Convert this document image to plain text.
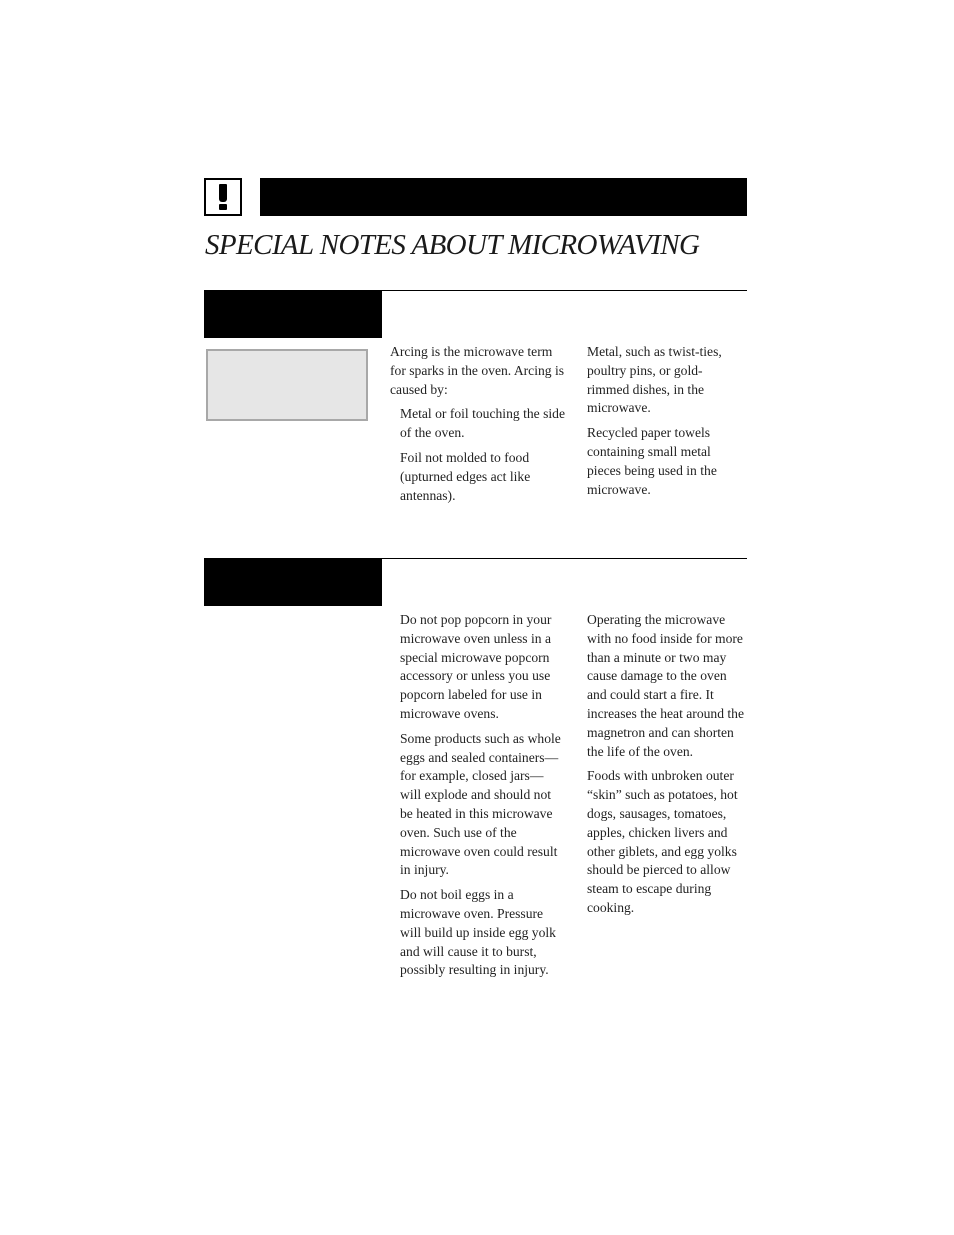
SPECIAL NOTES ABOUT MICROWAVING

Arcing is the microwave term for sparks in the oven. Arcing is caused by:

Metal or foil touching the side of the oven.

Foil not molded to food (upturned edges act like antennas).

Metal, such as twist-ties, poultry pins, or gold-rimmed dishes, in the microwave.

Recycled paper towels containing small metal pieces being used in the microwave.

Do not pop popcorn in your microwave oven unless in a special microwave popcorn accessory or unless you use popcorn labeled for use in microwave ovens.

Some products such as whole eggs and sealed containers—for example, closed jars—will explode and should not be heated in this microwave oven. Such use of the microwave oven could result in injury.

Do not boil eggs in a microwave oven. Pressure will build up inside egg yolk and will cause it to burst, possibly resulting in injury.

Operating the microwave with no food inside for more than a minute or two may cause damage to the oven and could start a fire. It increases the heat around the magnetron and can shorten the life of the oven.

Foods with unbroken outer “skin” such as potatoes, hot dogs, sausages, tomatoes, apples, chicken livers and other giblets, and egg yolks should be pierced to allow steam to escape during cooking.
